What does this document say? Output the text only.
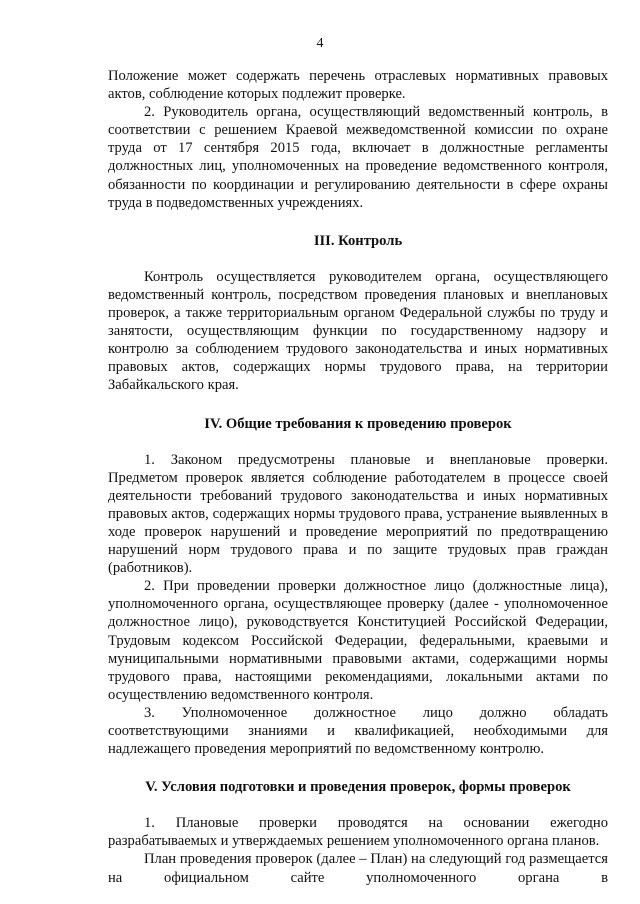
4

Положение может содержать перечень отраслевых нормативных правовых актов, соблюдение которых подлежит проверке.

2. Руководитель органа, осуществляющий ведомственный контроль, в соответствии с решением Краевой межведомственной комиссии по охране труда от 17 сентября 2015 года, включает в должностные регламенты должностных лиц, уполномоченных на проведение ведомственного контроля, обязанности по координации и регулированию деятельности в сфере охраны труда в подведомственных учреждениях.

III. Контроль

Контроль осуществляется руководителем органа, осуществляющего ведомственный контроль, посредством проведения плановых и внеплановых проверок, а также территориальным органом Федеральной службы по труду и занятости, осуществляющим функции по государственному надзору и контролю за соблюдением трудового законодательства и иных нормативных правовых актов, содержащих нормы трудового права, на территории Забайкальского края.

IV. Общие требования к проведению проверок

1. Законом предусмотрены плановые и внеплановые проверки. Предметом проверок является соблюдение работодателем в процессе своей деятельности требований трудового законодательства и иных нормативных правовых актов, содержащих нормы трудового права, устранение выявленных в ходе проверок нарушений и проведение мероприятий по предотвращению нарушений норм трудового права и по защите трудовых прав граждан (работников).

2. При проведении проверки должностное лицо (должностные лица), уполномоченного органа, осуществляющее проверку (далее - уполномоченное должностное лицо), руководствуется Конституцией Российской Федерации, Трудовым кодексом Российской Федерации, федеральными, краевыми и муниципальными нормативными правовыми актами, содержащими нормы трудового права, настоящими рекомендациями, локальными актами по осуществлению ведомственного контроля.

3. Уполномоченное должностное лицо должно обладать соответствующими знаниями и квалификацией, необходимыми для надлежащего проведения мероприятий по ведомственному контролю.

V. Условия подготовки и проведения проверок, формы проверок

1. Плановые проверки проводятся на основании ежегодно разрабатываемых и утверждаемых решением уполномоченного органа планов.

План проведения проверок (далее – План) на следующий год размещается на официальном сайте уполномоченного органа в
